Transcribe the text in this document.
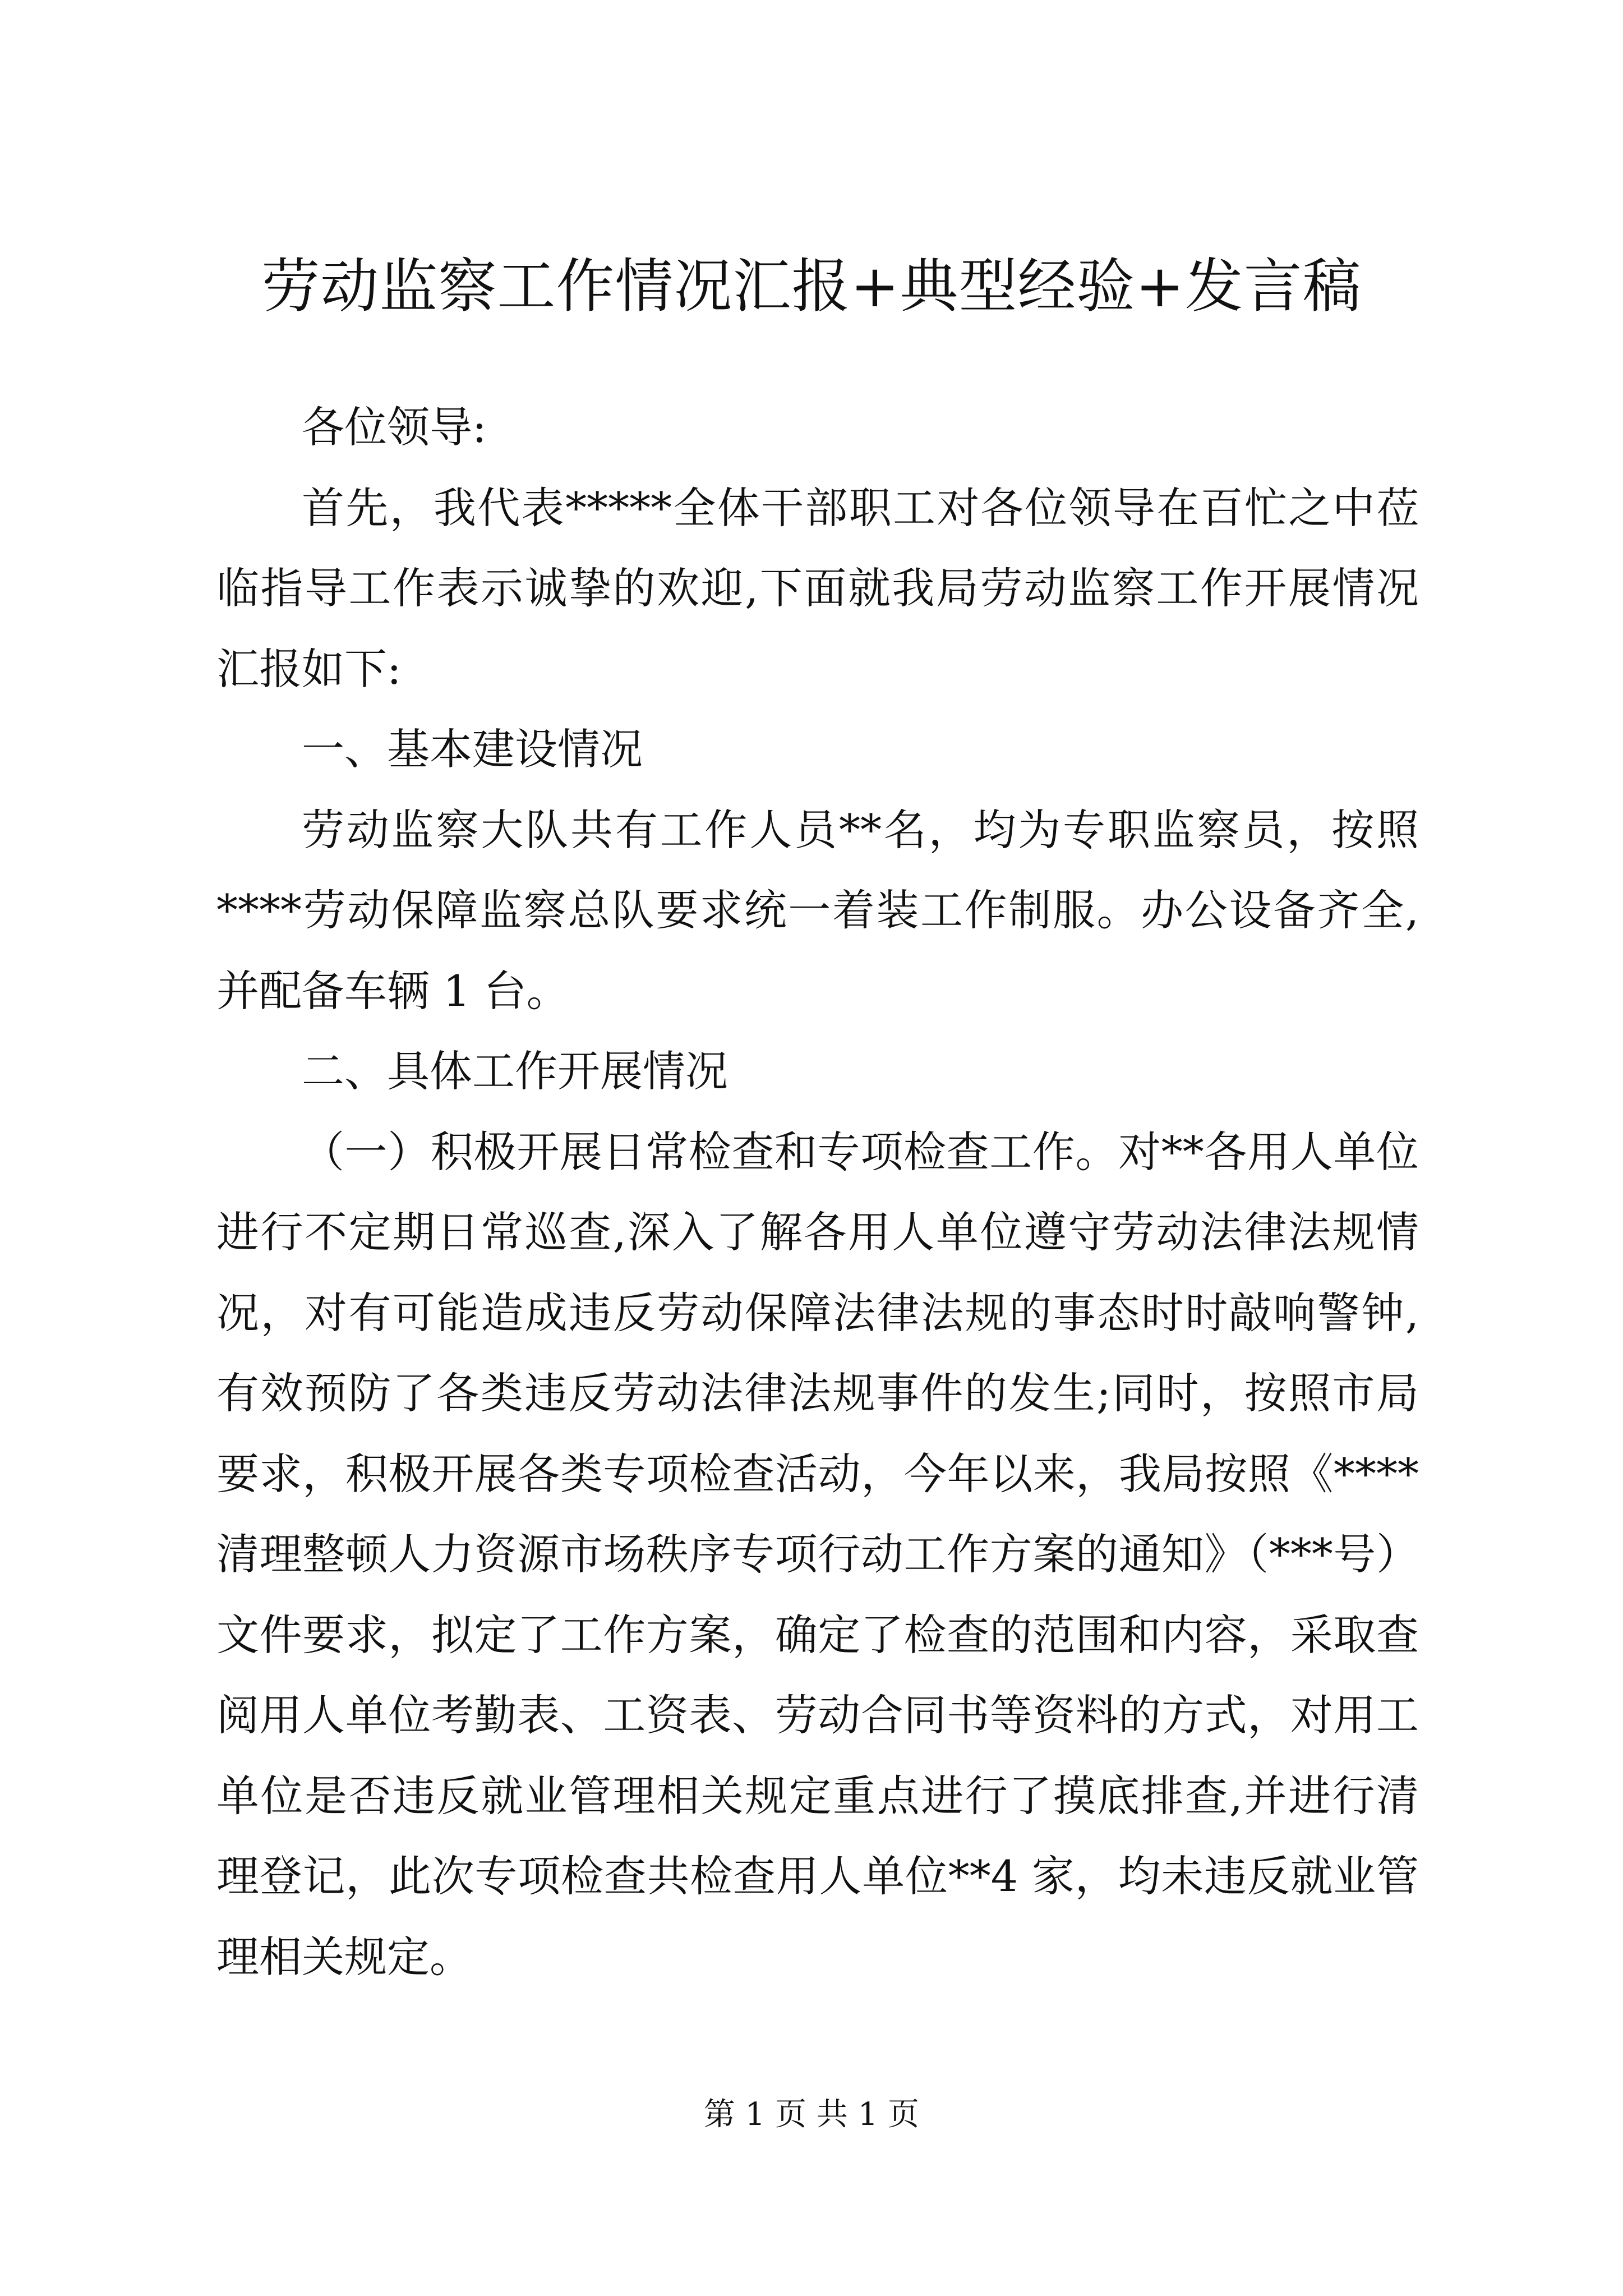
劳动监察工作情况汇报+典型经验+发言稿
各位领导:
首先，我代表*****全体干部职工对各位领导在百忙之中莅
临指导工作表示诚挚的欢迎,下面就我局劳动监察工作开展情况
汇报如下:
一、基本建设情况
劳动监察大队共有工作人员**名，均为专职监察员，按照
****劳动保障监察总队要求统一着装工作制服。办公设备齐全,
并配备车辆 1 台。
二、具体工作开展情况
（一）积极开展日常检查和专项检查工作。对**各用人单位
进行不定期日常巡查,深入了解各用人单位遵守劳动法律法规情
况，对有可能造成违反劳动保障法律法规的事态时时敲响警钟,
有效预防了各类违反劳动法律法规事件的发生;同时，按照市局
要求，积极开展各类专项检查活动，今年以来，我局按照《****
清理整顿人力资源市场秩序专项行动工作方案的通知》（***号）
文件要求，拟定了工作方案，确定了检查的范围和内容，采取查
阅用人单位考勤表、工资表、劳动合同书等资料的方式，对用工
单位是否违反就业管理相关规定重点进行了摸底排查,并进行清
理登记，此次专项检查共检查用人单位**4 家，均未违反就业管
理相关规定。
第 1 页 共 1 页
